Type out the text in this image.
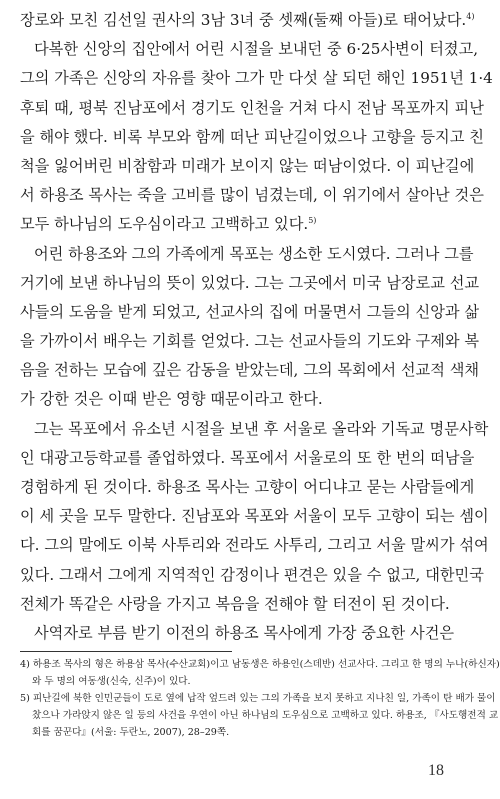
장로와 모친 김선일 권사의 3남 3녀 중 셋째(둘째 아들)로 태어났다.$^{4)}$
다복한 신앙의 집안에서 어린 시절을 보내던 중 6·25사변이 터졌고,
그의 가족은 신앙의 자유를 찾아 그가 만 다섯 살 되던 해인 1951년 1·4
후퇴 때, 평북 진남포에서 경기도 인천을 거쳐 다시 전남 목포까지 피난
을 해야 했다. 비록 부모와 함께 떠난 피난길이었으나 고향을 등지고 친
척을 잃어버린 비참함과 미래가 보이지 않는 떠남이었다. 이 피난길에
서 하용조 목사는 죽을 고비를 많이 넘겼는데, 이 위기에서 살아난 것은
모두 하나님의 도우심이라고 고백하고 있다.$^{5)}$
어린 하용조와 그의 가족에게 목포는 생소한 도시였다. 그러나 그를
거기에 보낸 하나님의 뜻이 있었다. 그는 그곳에서 미국 남장로교 선교
사들의 도움을 받게 되었고, 선교사의 집에 머물면서 그들의 신앙과 삶
을 가까이서 배우는 기회를 얻었다. 그는 선교사들의 기도와 구제와 복
음을 전하는 모습에 깊은 감동을 받았는데, 그의 목회에서 선교적 색채
가 강한 것은 이때 받은 영향 때문이라고 한다.
그는 목포에서 유소년 시절을 보낸 후 서울로 올라와 기독교 명문사학
인 대광고등학교를 졸업하였다. 목포에서 서울로의 또 한 번의 떠남을
경험하게 된 것이다. 하용조 목사는 고향이 어디냐고 묻는 사람들에게
이 세 곳을 모두 말한다. 진남포와 목포와 서울이 모두 고향이 되는 셈이
다. 그의 말에도 이북 사투리와 전라도 사투리, 그리고 서울 말씨가 섞여
있다. 그래서 그에게 지역적인 감정이나 편견은 있을 수 없고, 대한민국
전체가 똑같은 사랑을 가지고 복음을 전해야 할 터전이 된 것이다.
사역자로 부름 받기 이전의 하용조 목사에게 가장 중요한 사건은
4) 하용조 목사의 형은 하용삼 목사(수산교회)이고 남동생은 하용인(스데반) 선교사다. 그리고 한 명의 누나(하신자)
와 두 명의 여동생(신숙, 신주)이 있다.
5) 피난길에 북한 인민군들이 도로 옆에 납작 엎드려 있는 그의 가족을 보지 못하고 지나친 일, 가족이 탄 배가 물이
찼으나 가라앉지 않은 일 등의 사건을 우연이 아닌 하나님의 도우심으로 고백하고 있다. 하용조, 『사도행전적 교
회를 꿈꾼다』(서울: 두란노, 2007), 28–29쪽.
18
